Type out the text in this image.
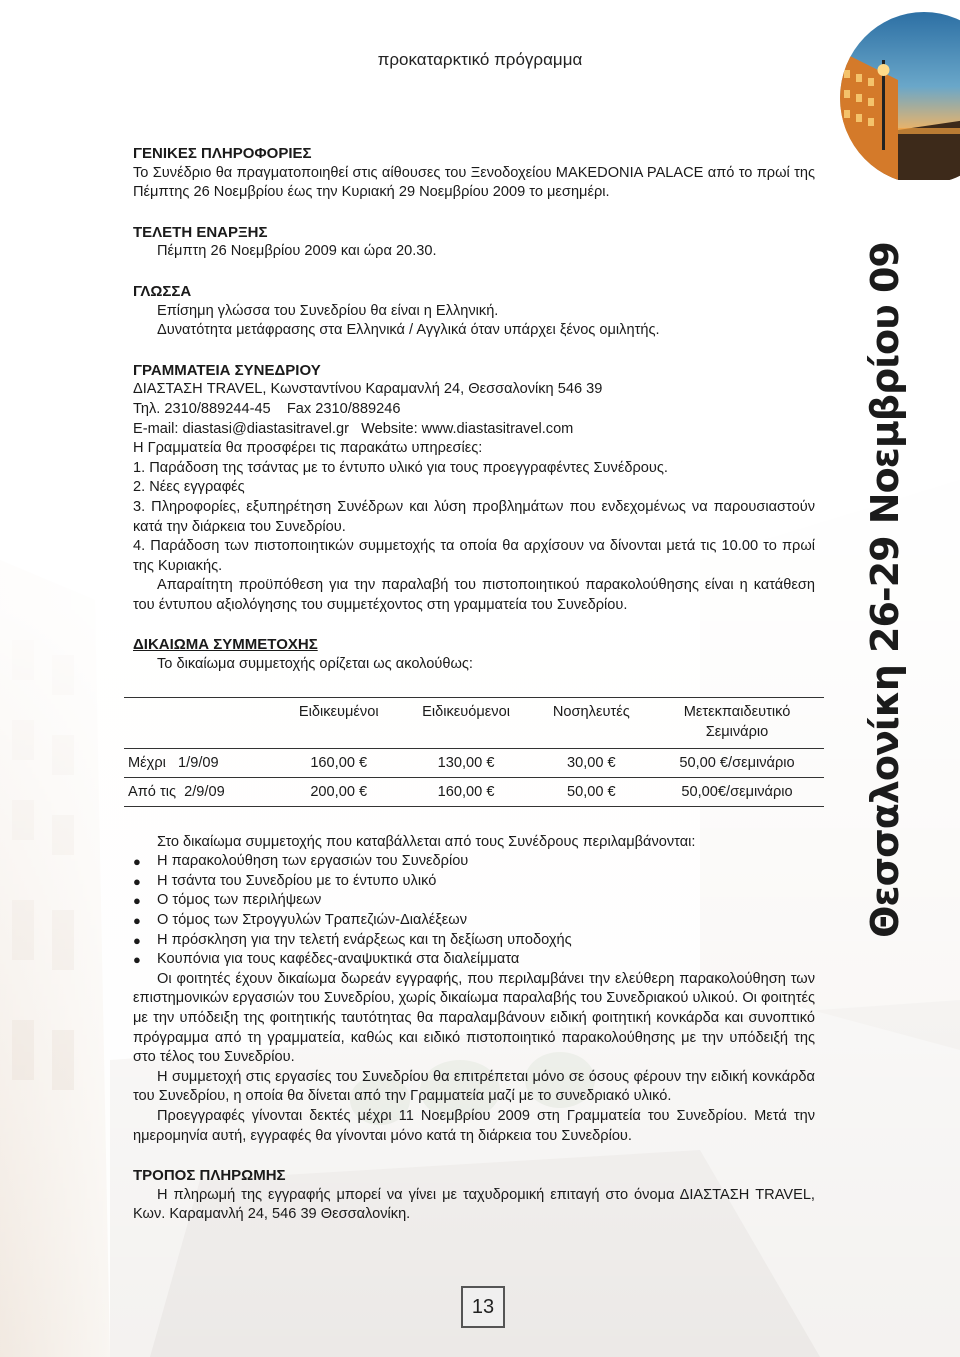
προκαταρκτικό πρόγραμμα
Θεσσαλονίκη 26-29 Νοεμβρίου 09

ΓΕΝΙΚΕΣ ΠΛΗΡΟΦΟΡΙΕΣ

Το Συνέδριο θα πραγματοποιηθεί στις αίθουσες του Ξενοδοχείου MAKEDONIA PALACE από το πρωί της Πέμπτης 26 Νοεμβρίου έως την Κυριακή 29 Νοεμβρίου 2009 το μεσημέρι.

ΤΕΛΕΤΗ ΕΝΑΡΞΗΣ

Πέμπτη 26 Νοεμβρίου 2009 και ώρα 20.30.

ΓΛΩΣΣΑ

Επίσημη γλώσσα του Συνεδρίου θα είναι η Ελληνική.

Δυνατότητα μετάφρασης στα Ελληνικά / Αγγλικά όταν υπάρχει ξένος ομιλητής.

ΓΡΑΜΜΑΤΕΙΑ ΣΥΝΕΔΡΙΟΥ

ΔΙΑΣΤΑΣΗ TRAVEL, Κωνσταντίνου Καραμανλή 24, Θεσσαλονίκη 546 39

Τηλ. 2310/889244-45    Fax 2310/889246

E-mail: diastasi@diastasitravel.gr   Website: www.diastasitravel.com

Η Γραμματεία θα προσφέρει τις παρακάτω υπηρεσίες:

1. Παράδοση της τσάντας με το έντυπο υλικό για τους προεγγραφέντες Συνέδρους.

2. Νέες εγγραφές

3. Πληροφορίες, εξυπηρέτηση Συνέδρων και λύση προβλημάτων που ενδεχομένως να παρουσιαστούν κατά την διάρκεια του Συνεδρίου.

4. Παράδοση των πιστοποιητικών συμμετοχής τα οποία θα αρχίσουν να δίνονται μετά τις 10.00 το πρωί της Κυριακής.

Απαραίτητη προϋπόθεση για την παραλαβή του πιστοποιητικού παρακολούθησης είναι η κατάθεση του έντυπου αξιολόγησης του συμμετέχοντος στη γραμματεία του Συνεδρίου.

ΔΙΚΑΙΩΜΑ ΣΥΜΜΕΤΟΧΗΣ

Το δικαίωμα συμμετοχής ορίζεται ως ακολούθως:

	Ειδικευμένοι	Ειδικευόμενοι	Νοσηλευτές	Μετεκπαιδευτικό Σεμινάριο
Μέχρι   1/9/09	160,00 €	130,00 €	30,00 €	50,00 €/σεμινάριο
Από τις  2/9/09	200,00 €	160,00 €	50,00 €	50,00€/σεμινάριο

Στο δικαίωμα συμμετοχής που καταβάλλεται από τους Συνέδρους περιλαμβάνονται:

● Η παρακολούθηση των εργασιών του Συνεδρίου
● Η τσάντα του Συνεδρίου με το έντυπο υλικό
● Ο τόμος των περιλήψεων
● Ο τόμος των Στρογγυλών Τραπεζιών-Διαλέξεων
● Η πρόσκληση για την τελετή ενάρξεως και τη δεξίωση υποδοχής
● Κουπόνια για τους καφέδες-αναψυκτικά στα διαλείμματα

Οι φοιτητές έχουν δικαίωμα δωρεάν εγγραφής, που περιλαμβάνει την ελεύθερη παρακολούθηση των επιστημονικών εργασιών του Συνεδρίου, χωρίς δικαίωμα παραλαβής του Συνεδριακού υλικού. Οι φοιτητές με την υπόδειξη της φοιτητικής ταυτότητας θα παραλαμβάνουν ειδική φοιτητική κονκάρδα και συνοπτικό πρόγραμμα από τη γραμματεία, καθώς και ειδικό πιστοποιητικό παρακολούθησης με την υπόδειξή της στο τέλος του Συνεδρίου.

Η συμμετοχή στις εργασίες του Συνεδρίου θα επιτρέπεται μόνο σε όσους φέρουν την ειδική κονκάρδα του Συνεδρίου, η οποία θα δίνεται από την Γραμματεία μαζί με το συνεδριακό υλικό.

Προεγγραφές γίνονται δεκτές μέχρι 11 Νοεμβρίου 2009 στη Γραμματεία του Συνεδρίου. Μετά την ημερομηνία αυτή, εγγραφές θα γίνονται μόνο κατά τη διάρκεια του Συνεδρίου.

ΤΡΟΠΟΣ ΠΛΗΡΩΜΗΣ

Η πληρωμή της εγγραφής μπορεί να γίνει με ταχυδρομική επιταγή στο όνομα ΔΙΑΣΤΑΣΗ TRAVEL, Κων. Καραμανλή 24, 546 39 Θεσσαλονίκη.

13
